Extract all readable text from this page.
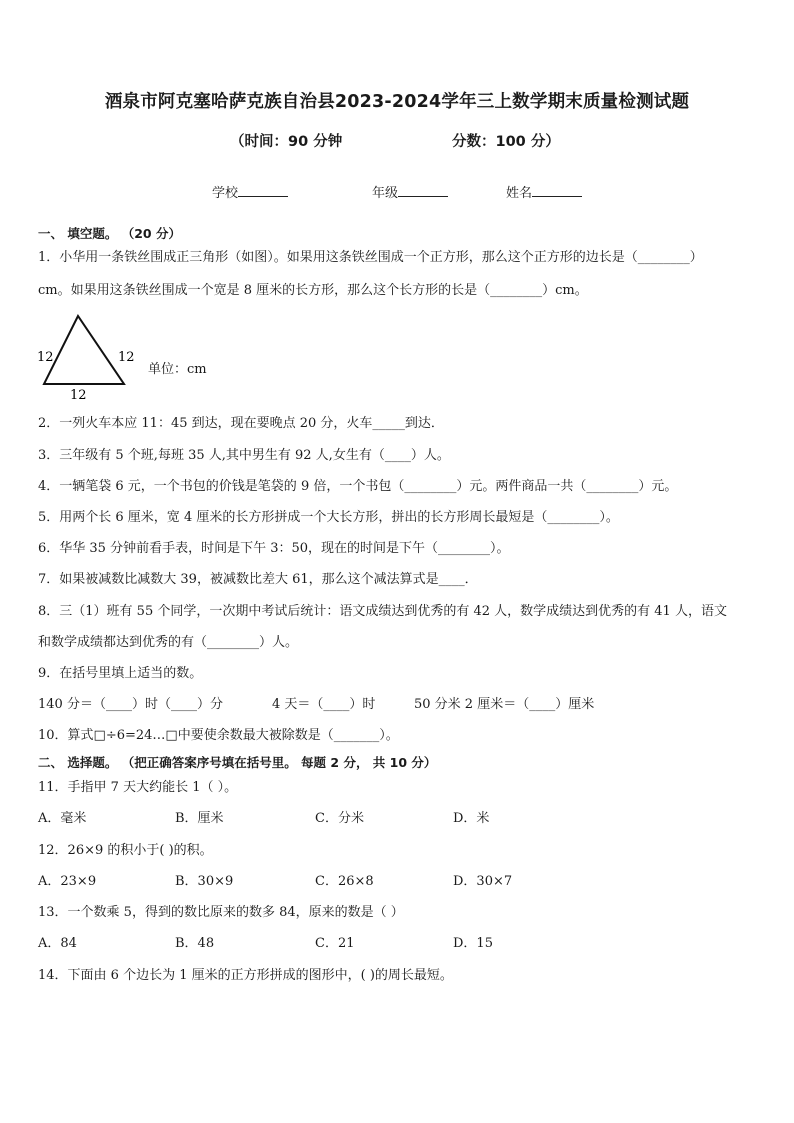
酒泉市阿克塞哈萨克族自治县2023-2024学年三上数学期末质量检测试题
（时间：90 分钟	分数：100 分）
学校	年级	姓名
一、 填空题。 （20 分）
1．小华用一条铁丝围成正三角形（如图）。如果用这条铁丝围成一个正方形，那么这个正方形的边长是（________）
cm。如果用这条铁丝围成一个宽是 8 厘米的长方形，那么这个长方形的长是（________）cm。
12	12
12
单位：cm
2．一列火车本应 11：45 到达，现在要晚点 20 分，火车_____到达．
3．三年级有 5 个班,每班 35 人,其中男生有 92 人,女生有（____）人。
4．一辆笔袋 6 元，一个书包的价钱是笔袋的 9 倍，一个书包（________）元。两件商品一共（________）元。
5．用两个长 6 厘米，宽 4 厘米的长方形拼成一个大长方形，拼出的长方形周长最短是（________）。
6．华华 35 分钟前看手表，时间是下午 3：50，现在的时间是下午（________）。
7．如果被减数比减数大 39，被减数比差大 61，那么这个减法算式是____．
8．三（1）班有 55 个同学，一次期中考试后统计：语文成绩达到优秀的有 42 人，数学成绩达到优秀的有 41 人，语文
和数学成绩都达到优秀的有（________）人。
9．在括号里填上适当的数。
140 分＝（____）时（____）分	4 天＝（____）时	50 分米 2 厘米＝（____）厘米
10．算式□÷6=24…□中要使余数最大被除数是（_______）。
二、 选择题。 （把正确答案序号填在括号里。 每题 2 分， 共 10 分）
11．手指甲 7 天大约能长 1（ ）。
A．毫米	B．厘米	C．分米	D．米
12．26×9 的积小于( )的积。
A．23×9	B．30×9	C．26×8	D．30×7
13．一个数乘 5，得到的数比原来的数多 84，原来的数是（ ）
A．84	B．48	C．21	D．15
14．下面由 6 个边长为 1 厘米的正方形拼成的图形中，( )的周长最短。
